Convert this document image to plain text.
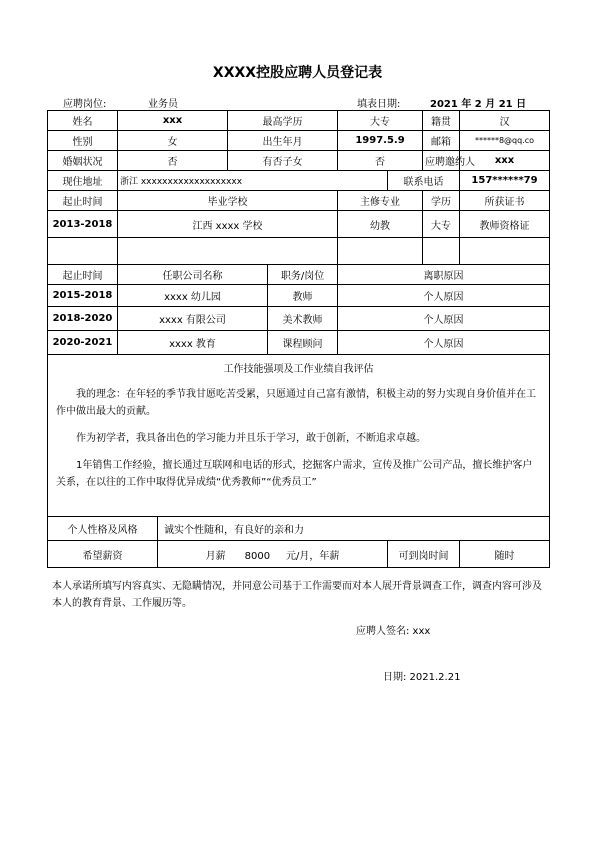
XXXX控股应聘人员登记表
应聘岗位:	业务员	填表日期:	2021 年 2 月 21 日
姓名	xxx		最高学历		大专		籍贯	汉
性别	女		出生年月		1997.5.9		邮箱	******8@qq.co
婚姻状况	否		有否子女		否		应聘邀约人	xxx
现住地址	浙江 xxxxxxxxxxxxxxxxxxx					联系电话		157******79
起止时间	毕业学校				主修专业		学历	所获证书
2013-2018	江西 xxxx 学校				幼教		大专	教师资格证

起止时间	任职公司名称			职务/岗位	离职原因			
2015-2018	xxxx 幼儿园			教师	个人原因			
2018-2020	xxxx 有限公司			美术教师	个人原因			
2020-2021	xxxx 教育			课程顾问	个人原因			

工作技能强项及工作业绩自我评估

我的理念：在年轻的季节我甘愿吃苦受累，只愿通过自己富有激情，积极主动的努力实现自身价值并在工作中做出最大的贡献。

作为初学者，我具备出色的学习能力并且乐于学习，敢于创新，不断追求卓越。

1年销售工作经验，擅长通过互联网和电话的形式，挖掘客户需求，宣传及推广公司产品，擅长维护客户关系，在以往的工作中取得优异成绩“优秀教师”“优秀员工”								

个人性格及风格		诚实个性随和，有良好的亲和力						
希望薪资		月薪      8000     元/月，年薪				可到岗时间		随时
本人承诺所填写内容真实、无隐瞒情况，并同意公司基于工作需要而对本人展开背景调查工作，调查内容可涉及本人的教育背景、工作履历等。
应聘人签名: xxx
日期: 2021.2.21
